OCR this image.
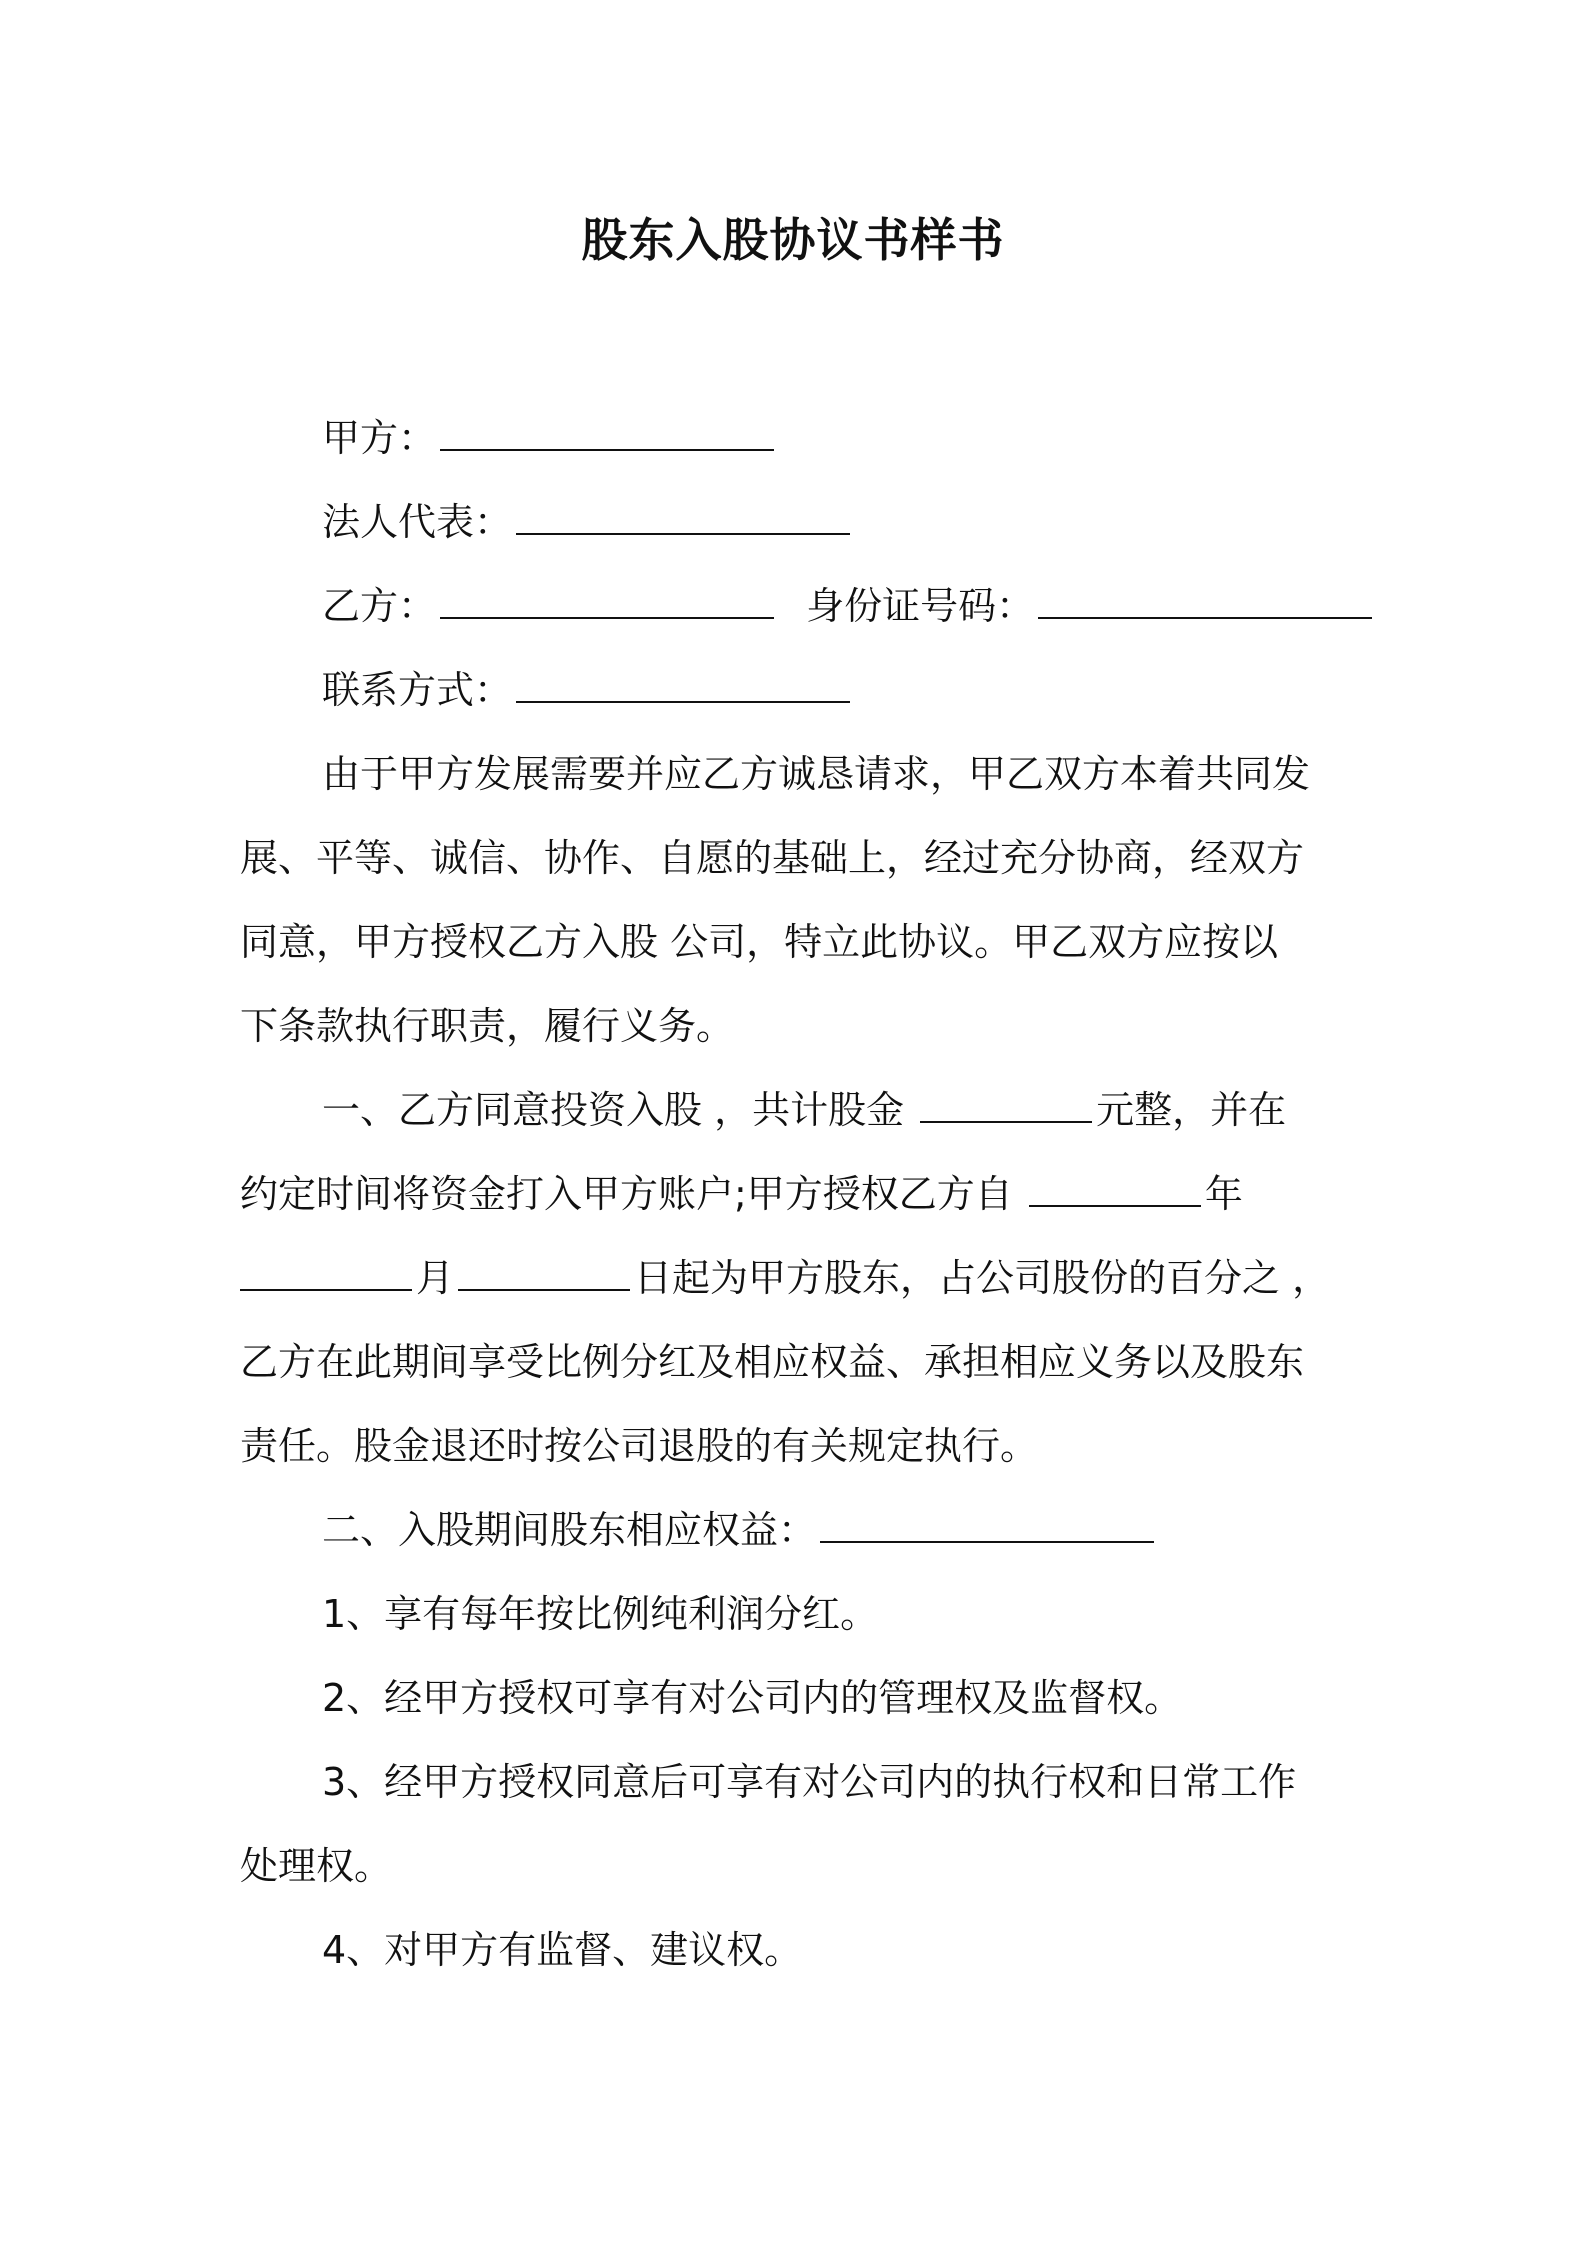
股东入股协议书样书
甲方：
法人代表：
乙方：	身份证号码：
联系方式：
由于甲方发展需要并应乙方诚恳请求，甲乙双方本着共同发
展、平等、诚信、协作、自愿的基础上，经过充分协商，经双方
同意，甲方授权乙方入股 公司，特立此协议。甲乙双方应按以
下条款执行职责，履行义务。
一、乙方同意投资入股 ，共计股金	元整，并在
约定时间将资金打入甲方账户;甲方授权乙方自	年
月	日起为甲方股东，占公司股份的百分之 ，
乙方在此期间享受比例分红及相应权益、承担相应义务以及股东
责任。股金退还时按公司退股的有关规定执行。
二、入股期间股东相应权益：
1、享有每年按比例纯利润分红。
2、经甲方授权可享有对公司内的管理权及监督权。
3、经甲方授权同意后可享有对公司内的执行权和日常工作
处理权。
4、对甲方有监督、建议权。
